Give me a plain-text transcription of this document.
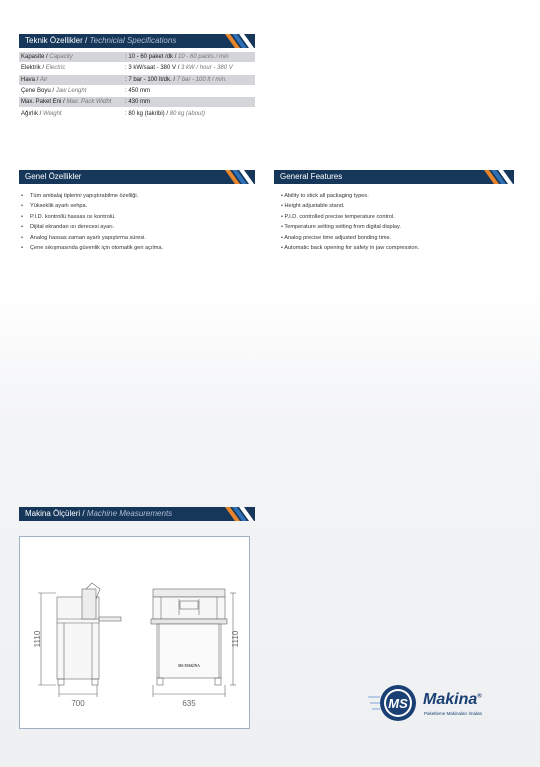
Teknik Özellikler / Technicial Specifications
Kapasite / Capacity	: 10 - 60 paket /dk / 10 - 60 packs / min
Elektrik / Electric	: 3 kW/saat - 380 V / 3 kW / hour - 380 V
Hava / Air	: 7 bar - 100 lt/dk. / 7 bar - 100 lt / min.
Çene Boyu / Jaw Lenght	: 450 mm
Max. Paket Eni / Max. Pack Widht	: 430 mm
Ağırlık / Weight	: 80 kg (takribi) / 80 kg (about)
Genel Özellikler
• Tüm ambalaj tiplerini yapıştırabilme özelliği.
• Yükseklik ayarlı sehpa.
• P.I.D. kontrollü hassas ısı kontrolü.
• Dijital ekrandan ısı derecesi ayarı.
• Analog hassas zaman ayarlı yapıştırma süresi.
• Çene sıkışmasında güvenlik için otomatik geri açılma.
General Features
• Ability to stick all packaging types.
• Height adjustable stand.
• P.I.D. controlled precise temperature control.
• Temperature setting setting from digital display.
• Analog precise time adjusted bonding time.
• Automatic back opening for safety in jaw compression.
Makina Ölçüleri / Machine Measurements
1110
700
1110
635
MS MAKİNA
MS Makina®
Paketleme Makinaları İmalatı
